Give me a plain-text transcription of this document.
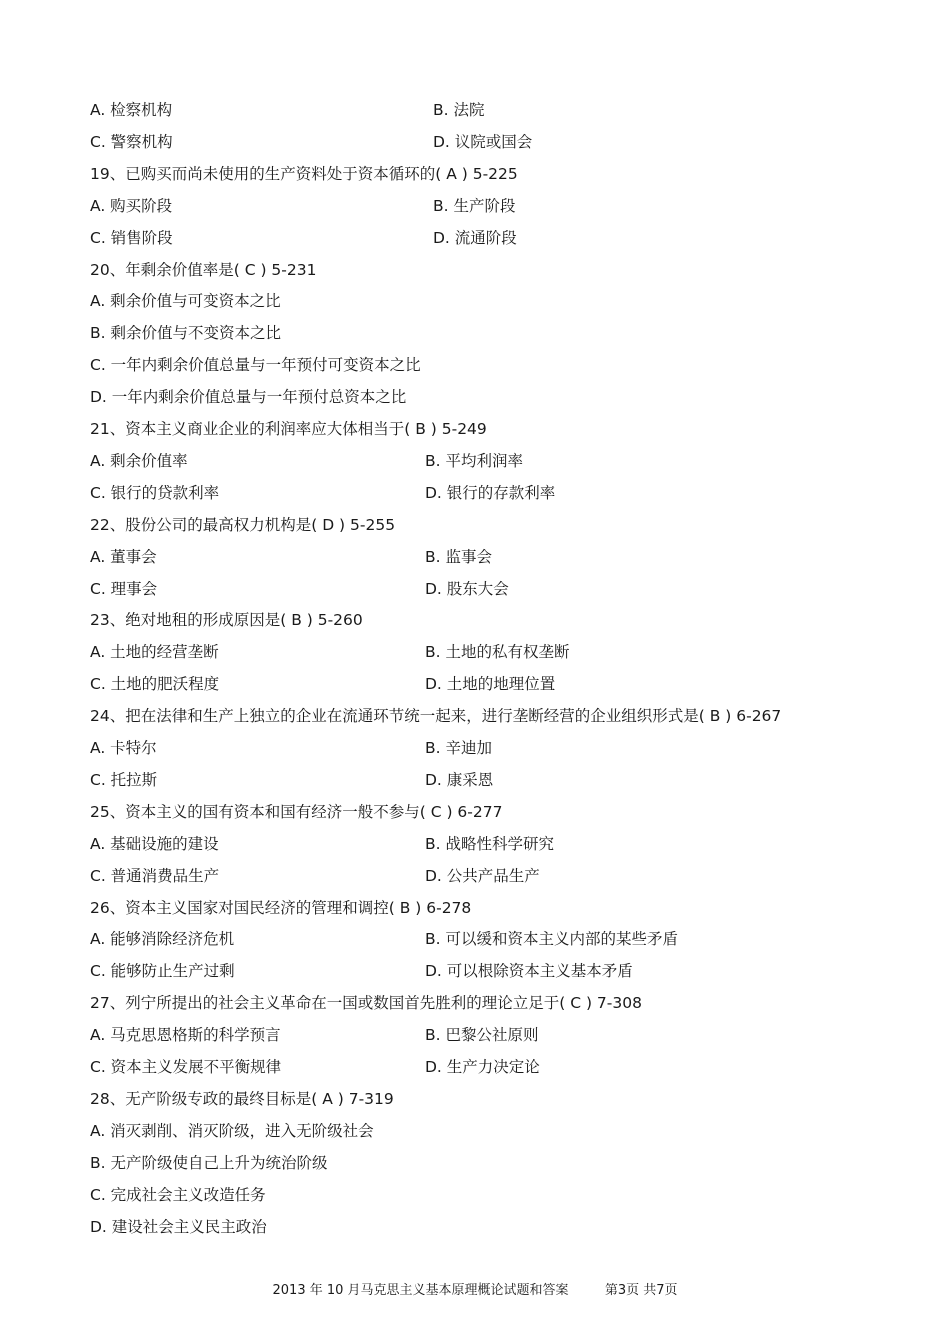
A. 检察机构	B. 法院
C. 警察机构	D. 议院或国会
19、已购买而尚未使用的生产资料处于资本循环的( A ) 5-225
A. 购买阶段	B. 生产阶段
C. 销售阶段	D. 流通阶段
20、年剩余价值率是( C ) 5-231
A. 剩余价值与可变资本之比
B. 剩余价值与不变资本之比
C. 一年内剩余价值总量与一年预付可变资本之比
D. 一年内剩余价值总量与一年预付总资本之比
21、资本主义商业企业的利润率应大体相当于( B ) 5-249
A. 剩余价值率	B. 平均利润率
C. 银行的贷款利率	D. 银行的存款利率
22、股份公司的最高权力机构是( D ) 5-255
A. 董事会	B. 监事会
C. 理事会	D. 股东大会
23、绝对地租的形成原因是( B ) 5-260
A. 土地的经营垄断	B. 土地的私有权垄断
C. 土地的肥沃程度	D. 土地的地理位置
24、把在法律和生产上独立的企业在流通环节统一起来，进行垄断经营的企业组织形式是( B ) 6-267
A. 卡特尔	B. 辛迪加
C. 托拉斯	D. 康采恩
25、资本主义的国有资本和国有经济一般不参与( C ) 6-277
A. 基础设施的建设	B. 战略性科学研究
C. 普通消费品生产	D. 公共产品生产
26、资本主义国家对国民经济的管理和调控( B ) 6-278
A. 能够消除经济危机	B. 可以缓和资本主义内部的某些矛盾
C. 能够防止生产过剩	D. 可以根除资本主义基本矛盾
27、列宁所提出的社会主义革命在一国或数国首先胜利的理论立足于( C ) 7-308
A. 马克思恩格斯的科学预言	B. 巴黎公社原则
C. 资本主义发展不平衡规律	D. 生产力决定论
28、无产阶级专政的最终目标是( A ) 7-319
A. 消灭剥削、消灭阶级，进入无阶级社会
B. 无产阶级使自己上升为统治阶级
C. 完成社会主义改造任务
D. 建设社会主义民主政治
2013 年 10 月马克思主义基本原理概论试题和答案	第3页 共7页
